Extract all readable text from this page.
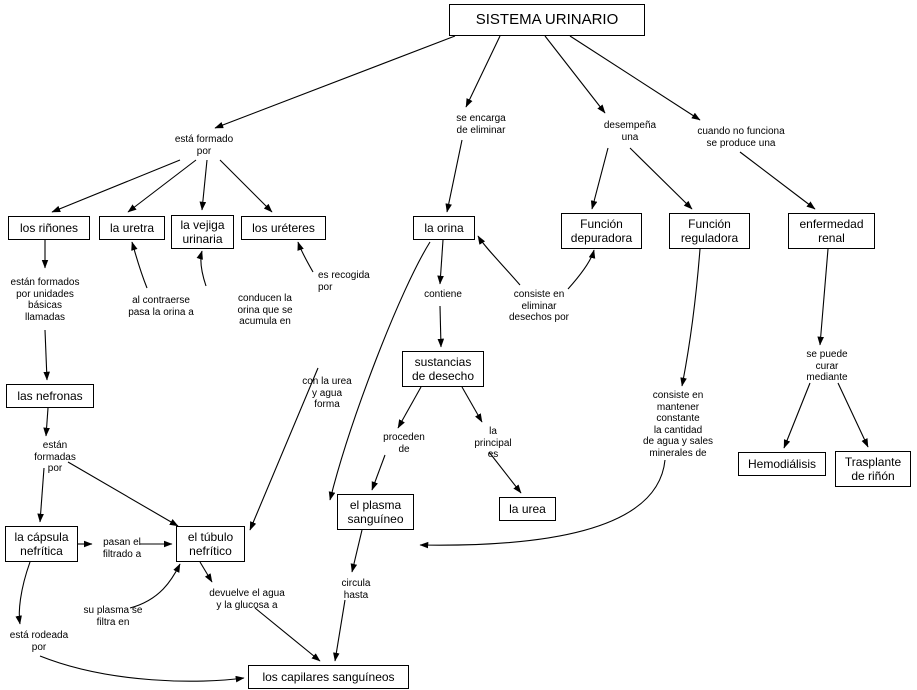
SISTEMA URINARIO
los riñones	la uretra	la vejiga
urinaria
los uréteres	la orina	Función
depuradora
Función
reguladora
enfermedad
renal
las nefronas
sustancias
de desecho
Hemodiálisis	Trasplante
de riñón
la urea
el plasma
sanguíneo
la cápsula
nefrítica
el túbulo
nefrítico
los capilares sanguíneos
está formado
por
se encarga
de eliminar	desempeña
una	cuando no funciona
se produce una
están formados
por unidades
básicas
llamadas
al contraerse
pasa la orina a
conducen la
orina que se
acumula en
es recogida
por
contiene	consiste en
eliminar
desechos por
consiste en
mantener
constante
la cantidad
de agua y sales
minerales de
se puede
curar
mediante
con la urea
y agua
forma
están
formadas
por
proceden
de
la
principal
es
pasan el
filtrado a
circula
hasta
devuelve el agua
y la glucosa a
está rodeada
por
su plasma se
filtra en
